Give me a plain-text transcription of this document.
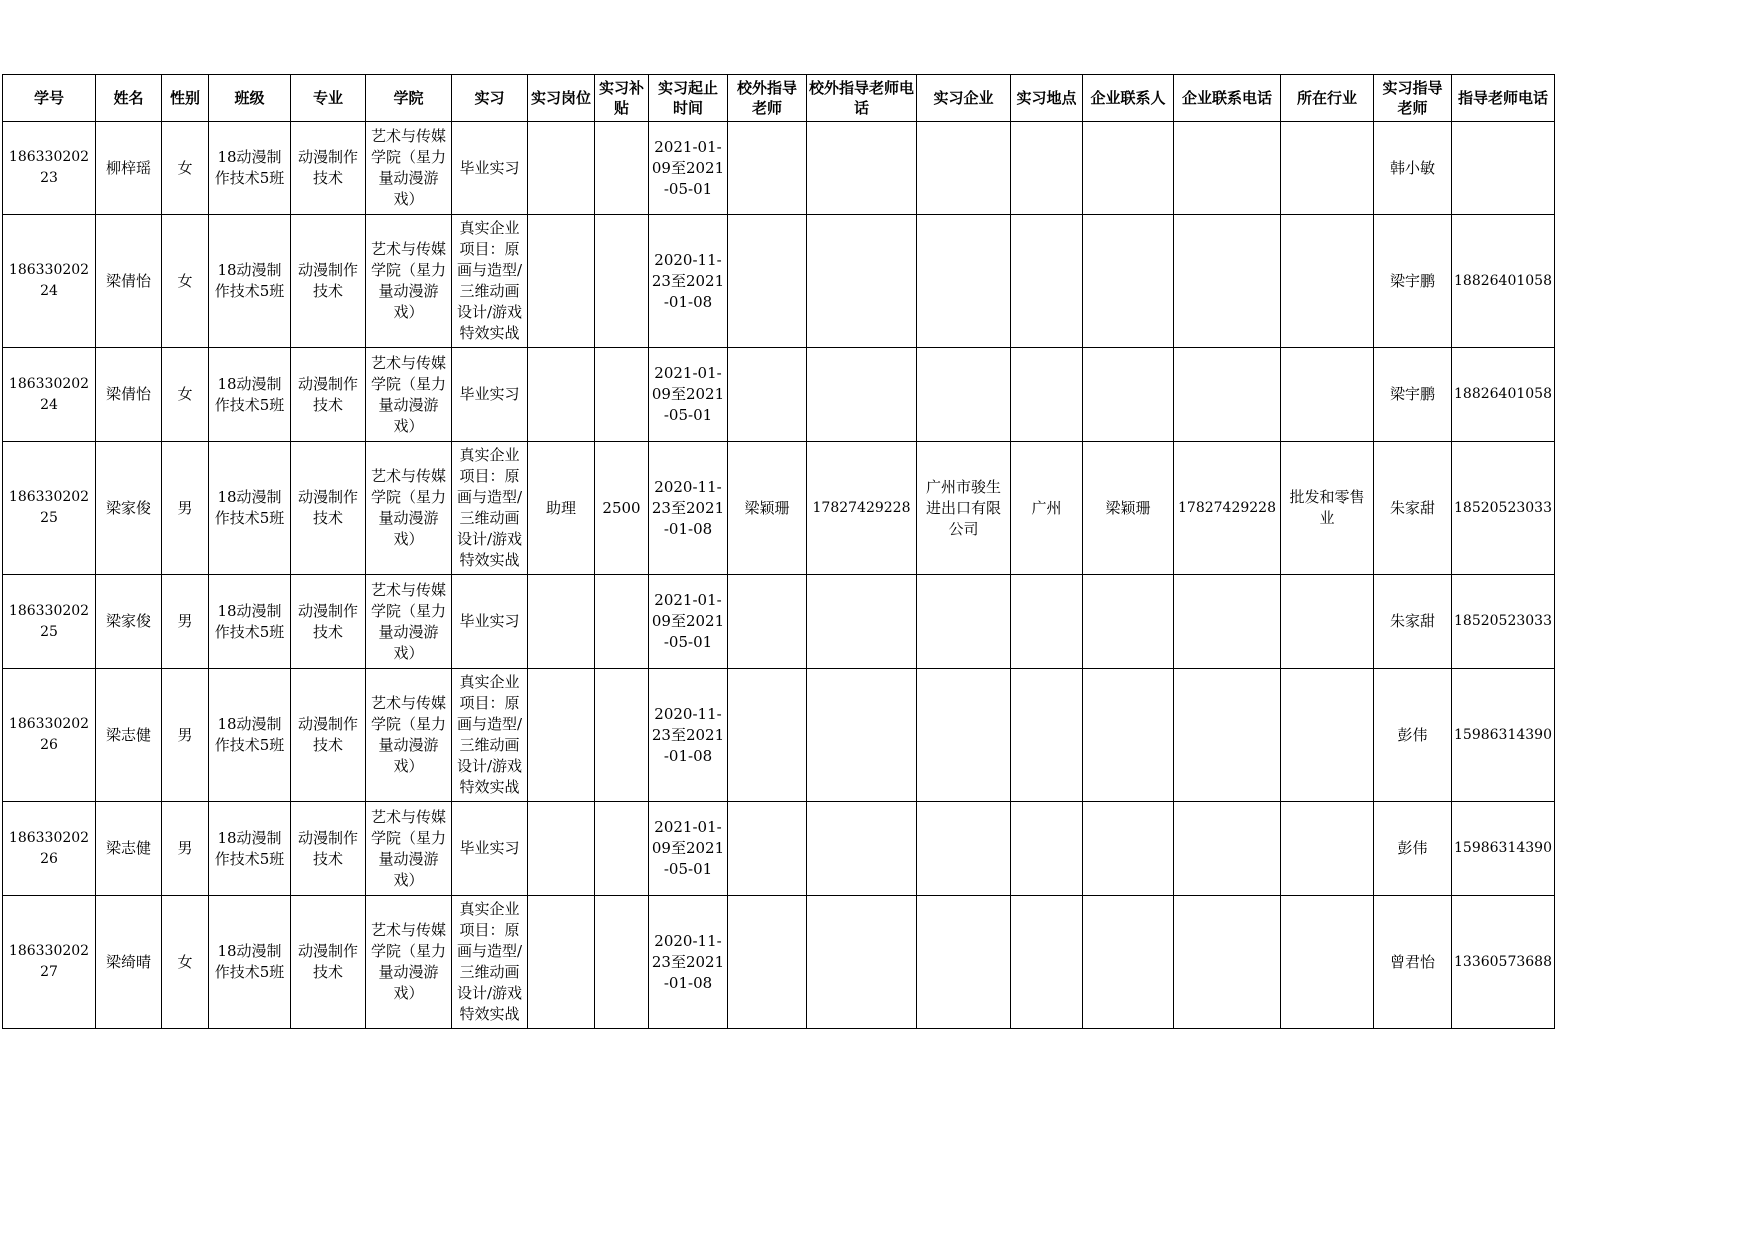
学号	姓名	性别	班级	专业	学院	实习	实习岗位	实习补贴	实习起止时间	校外指导老师	校外指导老师电话	实习企业	实习地点	企业联系人	企业联系电话	所在行业	实习指导老师	指导老师电话

18633020223	柳梓瑶	女	18动漫制作技术5班	动漫制作技术	艺术与传媒学院（星力量动漫游戏）	毕业实习			2021-01-09至2021-05-01								韩小敏	

18633020224	梁倩怡	女	18动漫制作技术5班	动漫制作技术	艺术与传媒学院（星力量动漫游戏）	真实企业项目：原画与造型/三维动画设计/游戏特效实战			2020-11-23至2021-01-08								梁宇鹏	18826401058

18633020224	梁倩怡	女	18动漫制作技术5班	动漫制作技术	艺术与传媒学院（星力量动漫游戏）	毕业实习			2021-01-09至2021-05-01								梁宇鹏	18826401058

18633020225	梁家俊	男	18动漫制作技术5班	动漫制作技术	艺术与传媒学院（星力量动漫游戏）	真实企业项目：原画与造型/三维动画设计/游戏特效实战	助理	2500	2020-11-23至2021-01-08	梁颖珊	17827429228	广州市骏生进出口有限公司	广州	梁颖珊	17827429228	批发和零售业	朱家甜	18520523033

18633020225	梁家俊	男	18动漫制作技术5班	动漫制作技术	艺术与传媒学院（星力量动漫游戏）	毕业实习			2021-01-09至2021-05-01								朱家甜	18520523033

18633020226	梁志健	男	18动漫制作技术5班	动漫制作技术	艺术与传媒学院（星力量动漫游戏）	真实企业项目：原画与造型/三维动画设计/游戏特效实战			2020-11-23至2021-01-08								彭伟	15986314390

18633020226	梁志健	男	18动漫制作技术5班	动漫制作技术	艺术与传媒学院（星力量动漫游戏）	毕业实习			2021-01-09至2021-05-01								彭伟	15986314390

18633020227	梁绮晴	女	18动漫制作技术5班	动漫制作技术	艺术与传媒学院（星力量动漫游戏）	真实企业项目：原画与造型/三维动画设计/游戏特效实战			2020-11-23至2021-01-08								曾君怡	13360573688
